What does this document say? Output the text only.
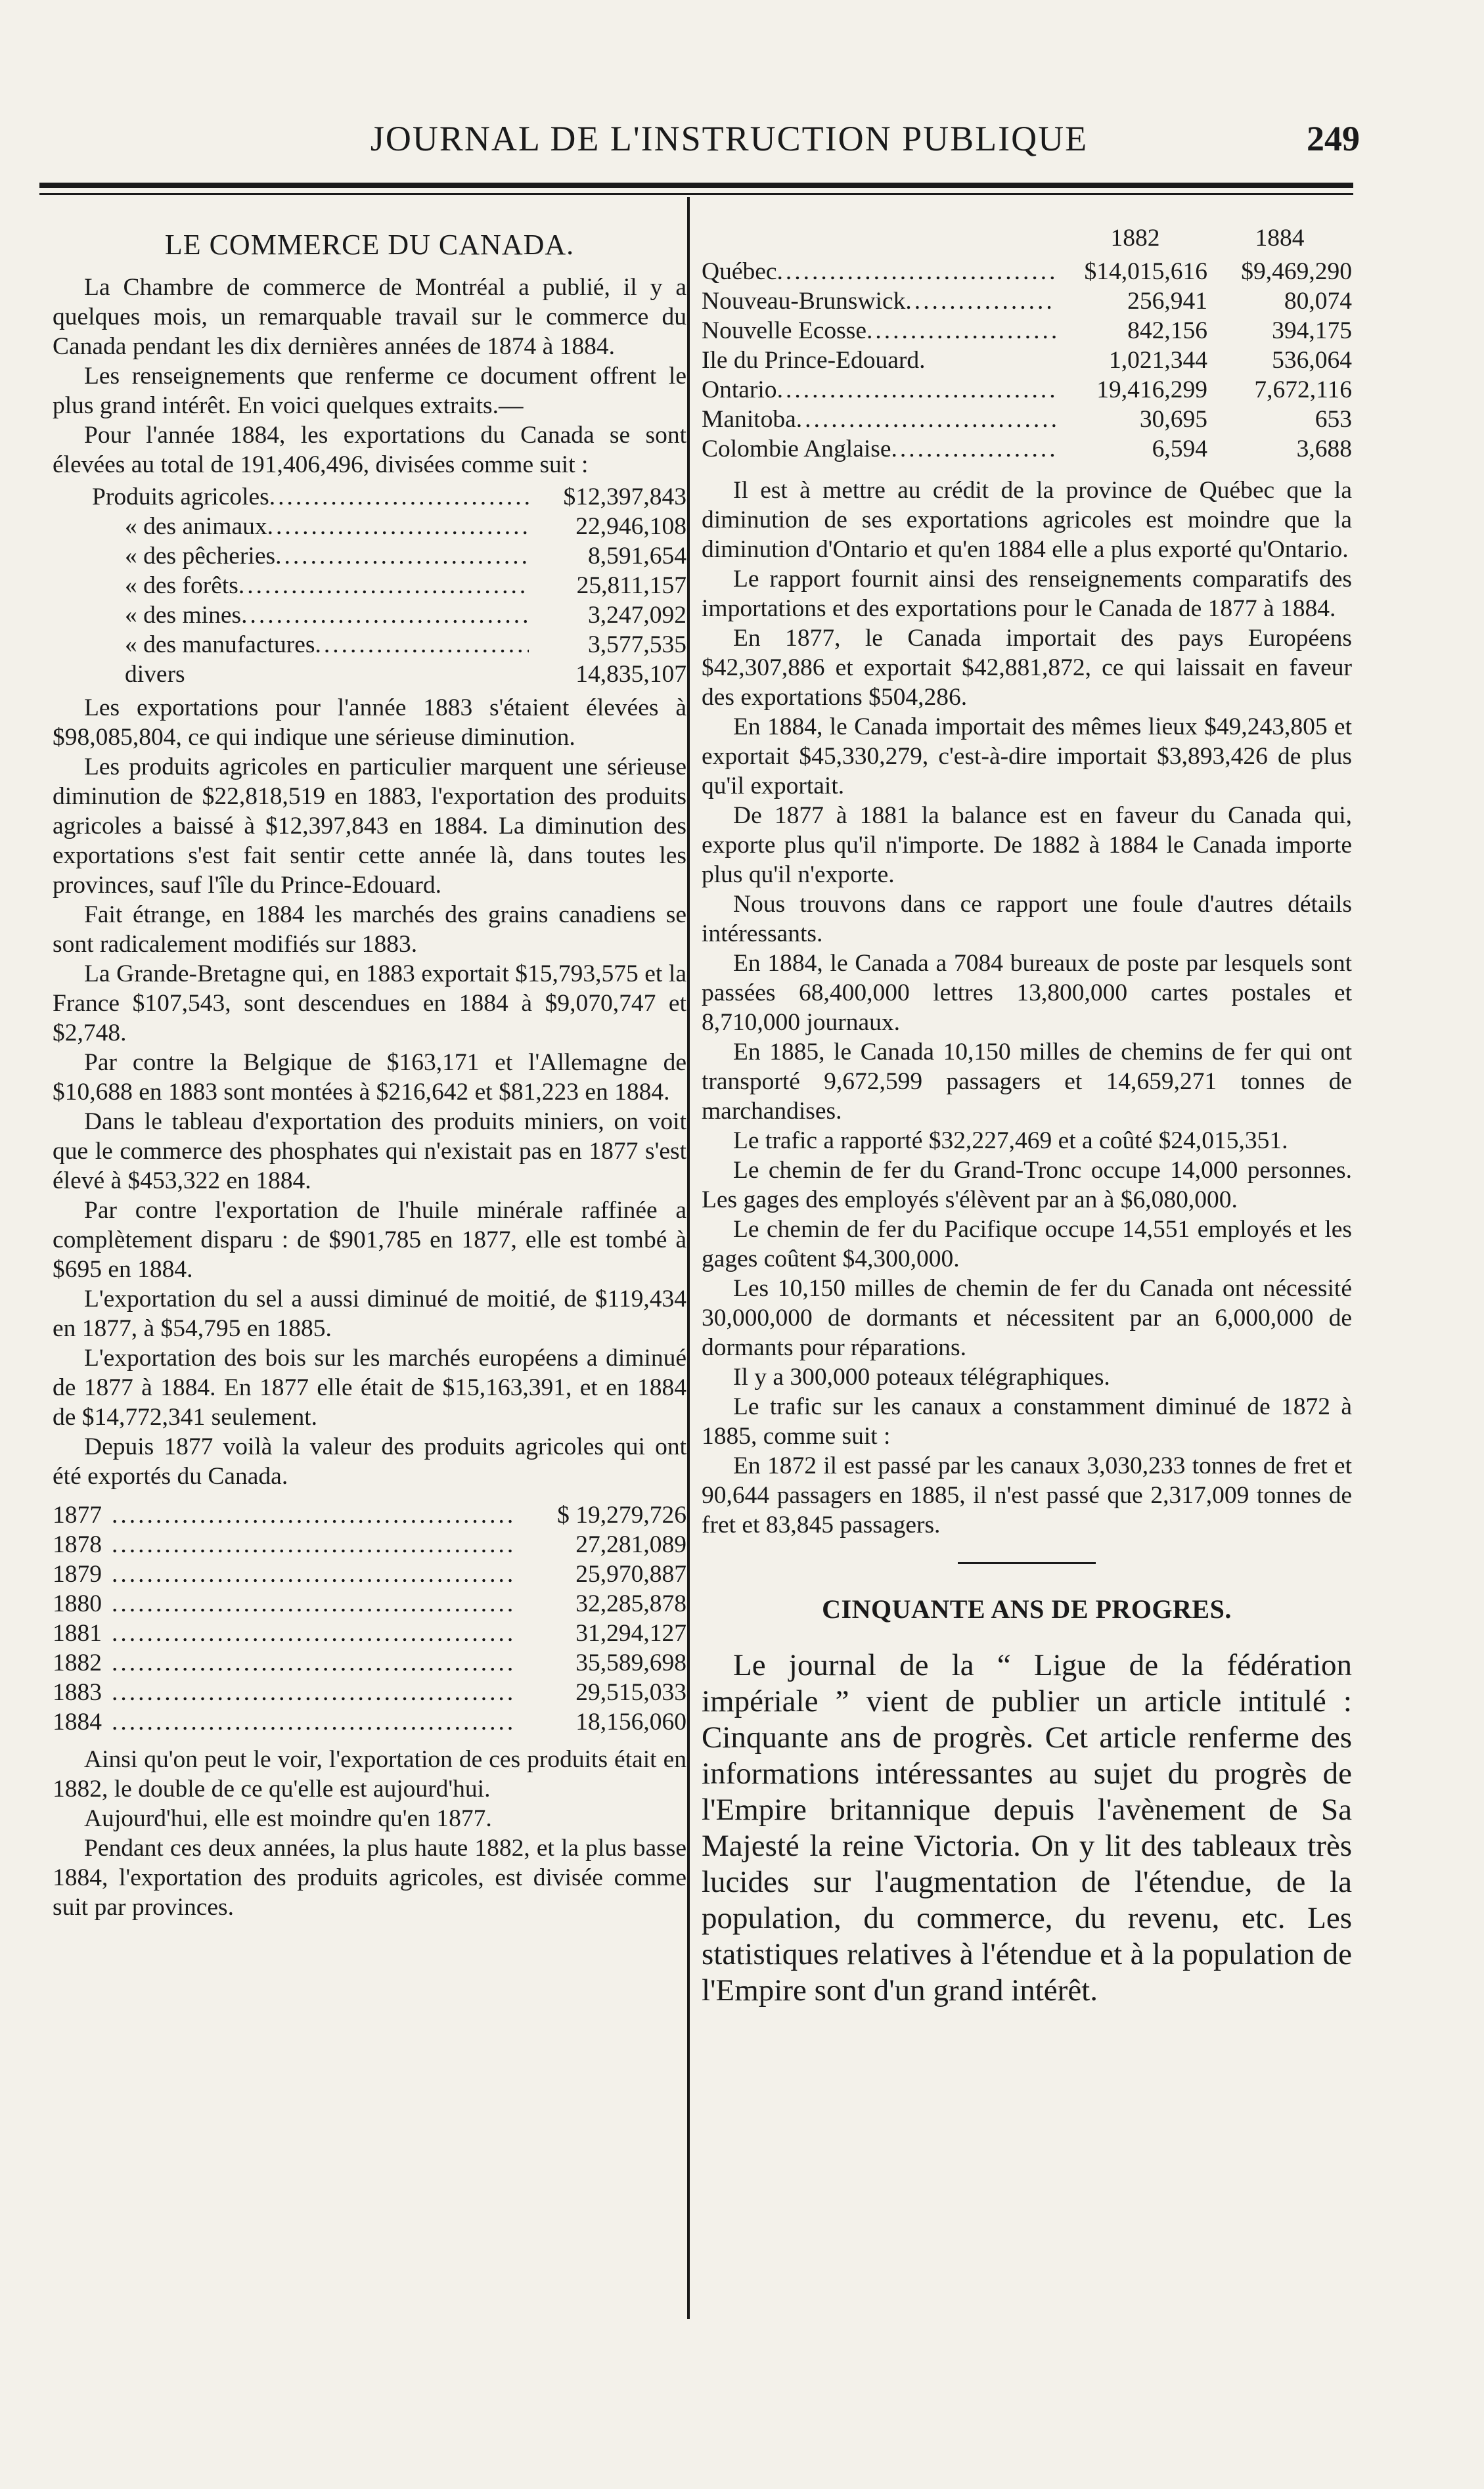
JOURNAL DE L'INSTRUCTION PUBLIQUE	249
LE COMMERCE DU CANADA.

La Chambre de commerce de Montréal a publié, il y a quelques mois, un remarquable travail sur le commerce du Canada pendant les dix dernières années de 1874 à 1884.

Les renseignements que renferme ce document offrent le plus grand intérêt. En voici quelques extraits.—

Pour l'année 1884, les exportations du Canada se sont élevées au total de 191,406,496, divisées comme suit :

Produits agricoles .....	$12,397,843
« des animaux .....	22,946,108
« des pêcheries .....	8,591,654
« des forêts .....	25,811,157
« des mines .....	3,247,092
« des manufactures .....	3,577,535
divers	14,835,107

Les exportations pour l'année 1883 s'étaient élevées à $98,085,804, ce qui indique une sérieuse diminution.

Les produits agricoles en particulier marquent une sérieuse diminution de $22,818,519 en 1883, l'exportation des produits agricoles a baissé à $12,397,843 en 1884. La diminution des exportations s'est fait sentir cette année là, dans toutes les provinces, sauf l'île du Prince-Edouard.

Fait étrange, en 1884 les marchés des grains canadiens se sont radicalement modifiés sur 1883.

La Grande-Bretagne qui, en 1883 exportait $15,793,575 et la France $107,543, sont descendues en 1884 à $9,070,747 et $2,748.

Par contre la Belgique de $163,171 et l'Allemagne de $10,688 en 1883 sont montées à $216,642 et $81,223 en 1884.

Dans le tableau d'exportation des produits miniers, on voit que le commerce des phosphates qui n'existait pas en 1877 s'est élevé à $453,322 en 1884.

Par contre l'exportation de l'huile minérale raffinée a complètement disparu : de $901,785 en 1877, elle est tombé à $695 en 1884.

L'exportation du sel a aussi diminué de moitié, de $119,434 en 1877, à $54,795 en 1885.

L'exportation des bois sur les marchés européens a diminué de 1877 à 1884. En 1877 elle était de $15,163,391, et en 1884 de $14,772,341 seulement.

Depuis 1877 voilà la valeur des produits agricoles qui ont été exportés du Canada.

1877 .....	$ 19,279,726
1878 .....	27,281,089
1879 .....	25,970,887
1880 .....	32,285,878
1881 .....	31,294,127
1882 .....	35,589,698
1883 .....	29,515,033
1884 .....	18,156,060

Ainsi qu'on peut le voir, l'exportation de ces produits était en 1882, le double de ce qu'elle est aujourd'hui.

Aujourd'hui, elle est moindre qu'en 1877.

Pendant ces deux années, la plus haute 1882, et la plus basse 1884, l'exportation des produits agricoles, est divisée comme suit par provinces.

1882	1884
Québec .....	$14,015,616	$9,469,290
Nouveau-Brunswick .....	256,941	80,074
Nouvelle Ecosse .....	842,156	394,175
Ile du Prince-Edouard.	1,021,344	536,064
Ontario .....	19,416,299	7,672,116
Manitoba .....	30,695	653
Colombie Anglaise .....	6,594	3,688

Il est à mettre au crédit de la province de Québec que la diminution de ses exportations agricoles est moindre que la diminution d'Ontario et qu'en 1884 elle a plus exporté qu'Ontario.

Le rapport fournit ainsi des renseignements comparatifs des importations et des exportations pour le Canada de 1877 à 1884.

En 1877, le Canada importait des pays Européens $42,307,886 et exportait $42,881,872, ce qui laissait en faveur des exportations $504,286.

En 1884, le Canada importait des mêmes lieux $49,243,805 et exportait $45,330,279, c'est-à-dire importait $3,893,426 de plus qu'il exportait.

De 1877 à 1881 la balance est en faveur du Canada qui, exporte plus qu'il n'importe. De 1882 à 1884 le Canada importe plus qu'il n'exporte.

Nous trouvons dans ce rapport une foule d'autres détails intéressants.

En 1884, le Canada a 7084 bureaux de poste par lesquels sont passées 68,400,000 lettres 13,800,000 cartes postales et 8,710,000 journaux.

En 1885, le Canada 10,150 milles de chemins de fer qui ont transporté 9,672,599 passagers et 14,659,271 tonnes de marchandises.

Le trafic a rapporté $32,227,469 et a coûté $24,015,351.

Le chemin de fer du Grand-Tronc occupe 14,000 personnes. Les gages des employés s'élèvent par an à $6,080,000.

Le chemin de fer du Pacifique occupe 14,551 employés et les gages coûtent $4,300,000.

Les 10,150 milles de chemin de fer du Canada ont nécessité 30,000,000 de dormants et nécessitent par an 6,000,000 de dormants pour réparations.

Il y a 300,000 poteaux télégraphiques.

Le trafic sur les canaux a constamment diminué de 1872 à 1885, comme suit :

En 1872 il est passé par les canaux 3,030,233 tonnes de fret et 90,644 passagers en 1885, il n'est passé que 2,317,009 tonnes de fret et 83,845 passagers.

CINQUANTE ANS DE PROGRES.

Le journal de la “ Ligue de la fédération impériale ” vient de publier un article intitulé : Cinquante ans de progrès. Cet article renferme des informations intéressantes au sujet du progrès de l'Empire britannique depuis l'avènement de Sa Majesté la reine Victoria. On y lit des tableaux très lucides sur l'augmentation de l'étendue, de la population, du commerce, du revenu, etc. Les statistiques relatives à l'étendue et à la population de l'Empire sont d'un grand intérêt.
